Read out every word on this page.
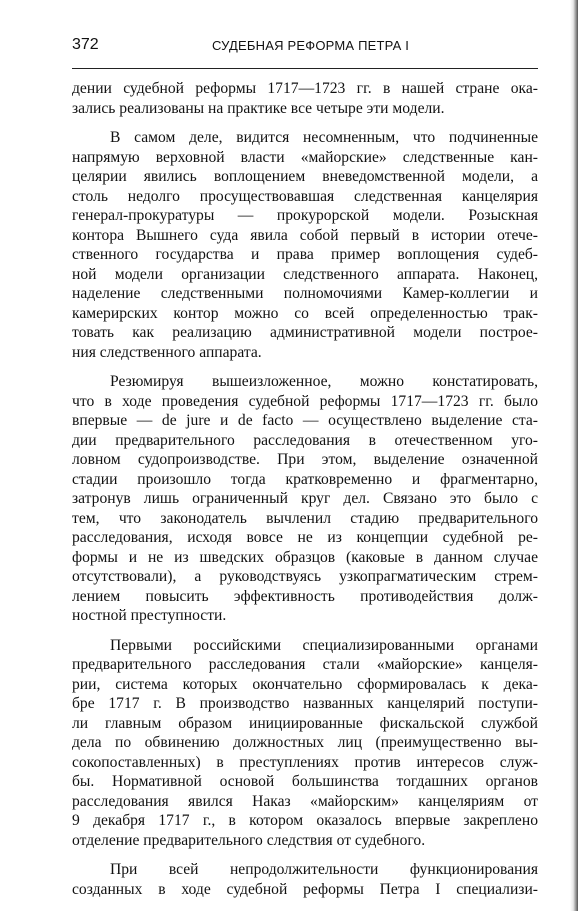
372	СУДЕБНАЯ РЕФОРМА ПЕТРА I
дении судебной реформы 1717—1723 гг. в нашей стране ока-
зались реализованы на практике все четыре эти модели.
В самом деле, видится несомненным, что подчиненные
напрямую верховной власти «майорские» следственные кан-
целярии явились воплощением вневедомственной модели, а
столь недолго просуществовавшая следственная канцелярия
генерал-прокуратуры — прокурорской модели. Розыскная
контора Вышнего суда явила собой первый в истории отече-
ственного государства и права пример воплощения судеб-
ной модели организации следственного аппарата. Наконец,
наделение следственными полномочиями Камер-коллегии и
камерирских контор можно со всей определенностью трак-
товать как реализацию административной модели построе-
ния следственного аппарата.
Резюмируя вышеизложенное, можно констатировать,
что в ходе проведения судебной реформы 1717—1723 гг. было
впервые — de jure и de facto — осуществлено выделение ста-
дии предварительного расследования в отечественном уго-
ловном судопроизводстве. При этом, выделение означенной
стадии произошло тогда кратковременно и фрагментарно,
затронув лишь ограниченный круг дел. Связано это было с
тем, что законодатель вычленил стадию предварительного
расследования, исходя вовсе не из концепции судебной ре-
формы и не из шведских образцов (каковые в данном случае
отсутствовали), а руководствуясь узкопрагматическим стрем-
лением повысить эффективность противодействия долж-
ностной преступности.
Первыми российскими специализированными органами
предварительного расследования стали «майорские» канцеля-
рии, система которых окончательно сформировалась к дека-
бре 1717 г. В производство названных канцелярий поступи-
ли главным образом инициированные фискальской службой
дела по обвинению должностных лиц (преимущественно вы-
сокопоставленных) в преступлениях против интересов служ-
бы. Нормативной основой большинства тогдашних органов
расследования явился Наказ «майорским» канцеляриям от
9 декабря 1717 г., в котором оказалось впервые закреплено
отделение предварительного следствия от судебного.
При всей непродолжительности функционирования
созданных в ходе судебной реформы Петра I специализи-
